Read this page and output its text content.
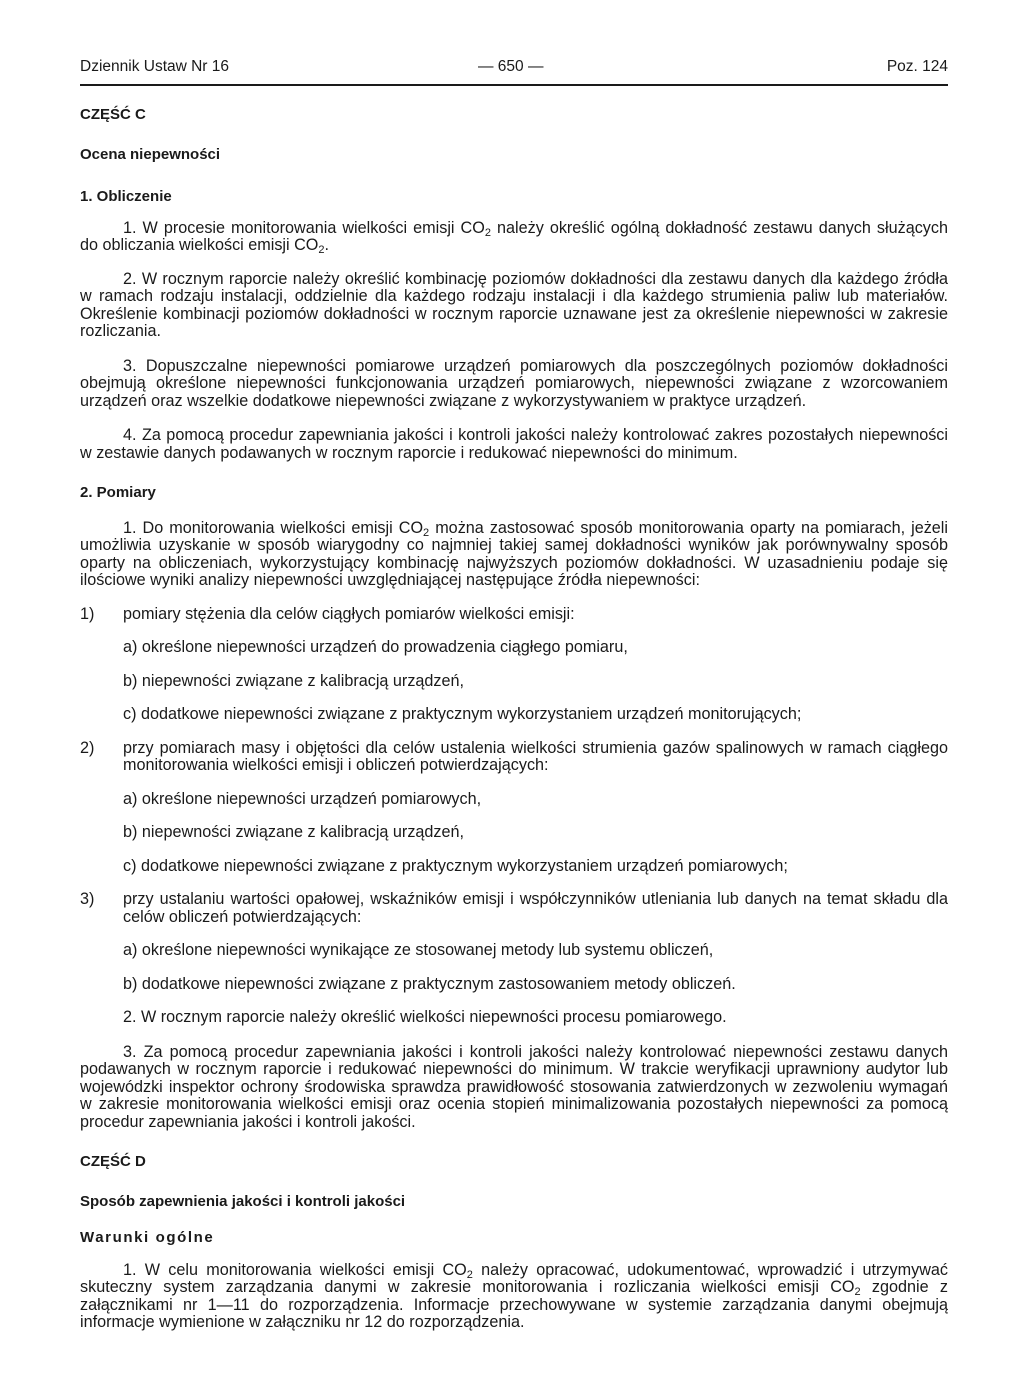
Dziennik Ustaw Nr 16	— 650 —	Poz. 124
CZĘŚĆ C
Ocena niepewności
1. Obliczenie

1. W procesie monitorowania wielkości emisji $CO_2$ należy określić ogólną dokładność zestawu danych służących do obliczania wielkości emisji $CO_2$.

2. W rocznym raporcie należy określić kombinację poziomów dokładności dla zestawu danych dla każdego źródła w ramach rodzaju instalacji, oddzielnie dla każdego rodzaju instalacji i dla każdego strumienia paliw lub materiałów. Określenie kombinacji poziomów dokładności w rocznym raporcie uznawane jest za określenie niepewności w zakresie rozliczania.

3. Dopuszczalne niepewności pomiarowe urządzeń pomiarowych dla poszczególnych poziomów dokładności obejmują określone niepewności funkcjonowania urządzeń pomiarowych, niepewności związane z wzorcowaniem urządzeń oraz wszelkie dodatkowe niepewności związane z wykorzystywaniem w praktyce urządzeń.

4. Za pomocą procedur zapewniania jakości i kontroli jakości należy kontrolować zakres pozostałych niepewności w zestawie danych podawanych w rocznym raporcie i redukować niepewności do minimum.

2. Pomiary

1. Do monitorowania wielkości emisji $CO_2$ można zastosować sposób monitorowania oparty na pomiarach, jeżeli umożliwia uzyskanie w sposób wiarygodny co najmniej takiej samej dokładności wyników jak porównywalny sposób oparty na obliczeniach, wykorzystujący kombinację najwyższych poziomów dokładności. W uzasadnieniu podaje się ilościowe wyniki analizy niepewności uwzględniającej następujące źródła niepewności:

1) pomiary stężenia dla celów ciągłych pomiarów wielkości emisji:

a) określone niepewności urządzeń do prowadzenia ciągłego pomiaru,

b) niepewności związane z kalibracją urządzeń,

c) dodatkowe niepewności związane z praktycznym wykorzystaniem urządzeń monitorujących;

2) przy pomiarach masy i objętości dla celów ustalenia wielkości strumienia gazów spalinowych w ramach ciągłego monitorowania wielkości emisji i obliczeń potwierdzających:

a) określone niepewności urządzeń pomiarowych,

b) niepewności związane z kalibracją urządzeń,

c) dodatkowe niepewności związane z praktycznym wykorzystaniem urządzeń pomiarowych;

3) przy ustalaniu wartości opałowej, wskaźników emisji i współczynników utleniania lub danych na temat składu dla celów obliczeń potwierdzających:

a) określone niepewności wynikające ze stosowanej metody lub systemu obliczeń,

b) dodatkowe niepewności związane z praktycznym zastosowaniem metody obliczeń.

2. W rocznym raporcie należy określić wielkości niepewności procesu pomiarowego.

3. Za pomocą procedur zapewniania jakości i kontroli jakości należy kontrolować niepewności zestawu danych podawanych w rocznym raporcie i redukować niepewności do minimum. W trakcie weryfikacji uprawniony audytor lub wojewódzki inspektor ochrony środowiska sprawdza prawidłowość stosowania zatwierdzonych w zezwoleniu wymagań w zakresie monitorowania wielkości emisji oraz ocenia stopień minimalizowania pozostałych niepewności za pomocą procedur zapewniania jakości i kontroli jakości.

CZĘŚĆ D
Sposób zapewnienia jakości i kontroli jakości
Warunki ogólne

1. W celu monitorowania wielkości emisji $CO_2$ należy opracować, udokumentować, wprowadzić i utrzymywać skuteczny system zarządzania danymi w zakresie monitorowania i rozliczania wielkości emisji $CO_2$ zgodnie z załącznikami nr 1—11 do rozporządzenia. Informacje przechowywane w systemie zarządzania danymi obejmują informacje wymienione w załączniku nr 12 do rozporządzenia.
